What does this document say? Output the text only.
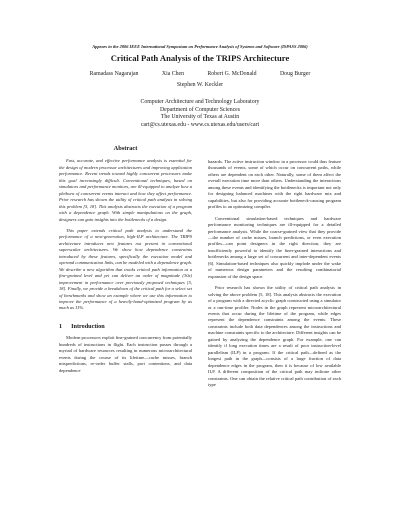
Appears in the 2006 IEEE International Symposium on Performance Analysis of Systems and Software (ISPASS 2006)
Critical Path Analysis of the TRIPS Architecture
Ramadass Nagarajan	Xia Chen	Robert G. McDonald	Doug Burger
Stephen W. Keckler
Computer Architecture and Technology Laboratory
Department of Computer Sciences
The University of Texas at Austin
cart@cs.utexas.edu - www.cs.utexas.edu/users/cart
Abstract

Fast, accurate, and effective performance analysis is essential for the design of modern processor architectures and improving application performance. Recent trends toward highly concurrent processors make this goal increasingly difficult. Conventional techniques, based on simulators and performance monitors, are ill-equipped to analyze how a plethora of concurrent events interact and how they affect performance. Prior research has shown the utility of critical path analysis in solving this problem [5, 18]. This analysis abstracts the execution of a program with a dependence graph. With simple manipulations on the graph, designers can gain insights into the bottlenecks of a design.

This paper extends critical path analysis to understand the performance of a next-generation, high-ILP architecture. The TRIPS architecture introduces new features not present in conventional superscalar architectures. We show how dependence constraints introduced by these features, specifically the execution model and operand communication links, can be modeled with a dependence graph. We describe a new algorithm that tracks critical path information at a fine-grained level and yet can deliver an order of magnitude (30x) improvement in performance over previously proposed techniques [5, 18]. Finally, we provide a breakdown of the critical path for a select set of benchmarks and show an example where we use this information to improve the performance of a heavily-hand-optimized program by as much as 11%.

1 Introduction

Modern processors exploit fine-grained concurrency from potentially hundreds of instructions in flight. Each instruction passes through a myriad of hardware resources resulting in numerous microarchitectural events during the course of its lifetime—cache misses, branch mispredictions, re-order buffer stalls, port contentions, and data dependence

hazards. The active instruction window in a processor could thus feature thousands of events, some of which occur on concurrent paths, while others are dependent on each other. Naturally, some of them affect the overall execution time more than others. Understanding the interactions among these events and identifying the bottlenecks is important not only for designing balanced machines with the right hardware mix and capabilities, but also for providing accurate bottleneck-causing program profiles to an optimizing compiler.

Conventional simulation-based techniques and hardware performance monitoring techniques are ill-equipped for a detailed performance analysis. While the coarse-grained view that they provide—the number of cache misses, branch predictions, or even execution profiles—can point designers in the right direction, they are insufficiently powerful to identify the finer-grained interactions and bottlenecks among a large set of concurrent and inter-dependent events [6]. Simulation-based techniques also quickly implode under the wake of numerous design parameters and the resulting combinatorial expansion of the design space.

Prior research has shown the utility of critical path analysis in solving the above problem [5, 18]. This analysis abstracts the execution of a program with a directed acyclic graph constructed using a simulator or a run-time profiler. Nodes in the graph represent microarchitectural events that occur during the lifetime of the program, while edges represent the dependence constraints among the events. These constraints include both data dependences among the instructions and machine constraints specific to the architecture. Different insights can be gained by analyzing the dependence graph. For example, one can identify if long execution times are a result of poor instruction-level parallelism (ILP) in a program. If the critical path—defined as the longest path in the graph—consists of a large fraction of data dependence edges in the program, then it is because of low available ILP. A different composition of the critical path may indicate other constraints. One can obtain the relative critical path contribution of each type
